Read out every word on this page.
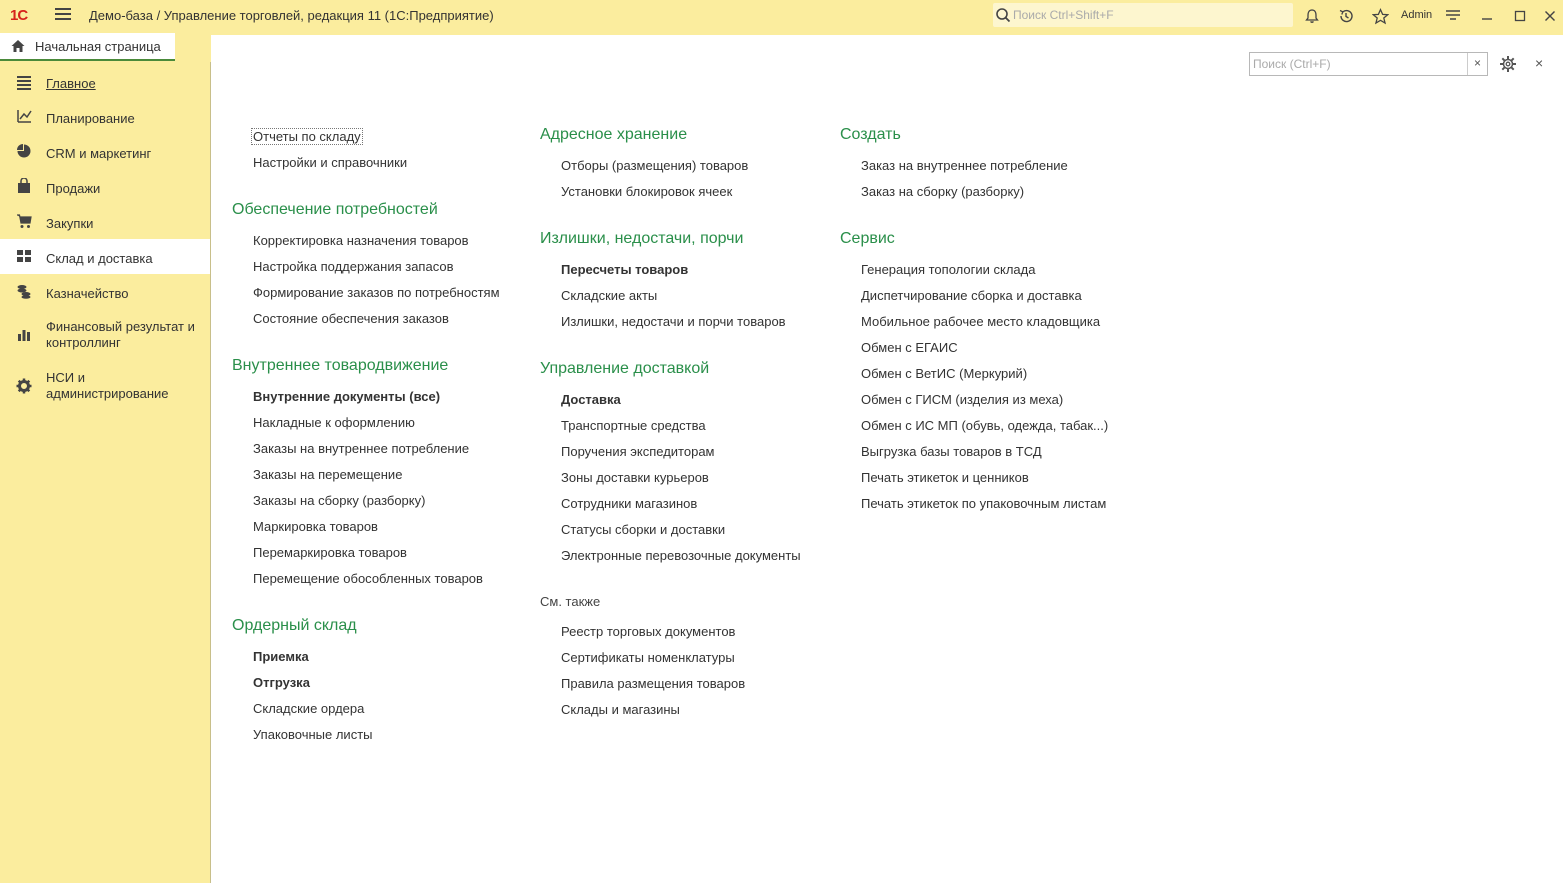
1С	Демо-база / Управление торговлей, редакция 11 (1С:Предприятие)
Поиск Ctrl+Shift+F	Admin
Начальная страница
Главное
Планирование
CRM и маркетинг
Продажи
Закупки
Склад и доставка
Казначейство
Финансовый результат и контроллинг
НСИ и администрирование
Поиск (Ctrl+F)
×	×
Отчеты по складу
Настройки и справочники
Обеспечение потребностей
Корректировка назначения товаров
Настройка поддержания запасов
Формирование заказов по потребностям
Состояние обеспечения заказов
Внутреннее товародвижение
Внутренние документы (все)
Накладные к оформлению
Заказы на внутреннее потребление
Заказы на перемещение
Заказы на сборку (разборку)
Маркировка товаров
Перемаркировка товаров
Перемещение обособленных товаров
Ордерный склад
Приемка
Отгрузка
Складские ордера
Упаковочные листы
Адресное хранение
Отборы (размещения) товаров
Установки блокировок ячеек
Излишки, недостачи, порчи
Пересчеты товаров
Складские акты
Излишки, недостачи и порчи товаров
Управление доставкой
Доставка
Транспортные средства
Поручения экспедиторам
Зоны доставки курьеров
Сотрудники магазинов
Статусы сборки и доставки
Электронные перевозочные документы
См. также
Реестр торговых документов
Сертификаты номенклатуры
Правила размещения товаров
Склады и магазины
Создать
Заказ на внутреннее потребление
Заказ на сборку (разборку)
Сервис
Генерация топологии склада
Диспетчирование сборка и доставка
Мобильное рабочее место кладовщика
Обмен с ЕГАИС
Обмен с ВетИС (Меркурий)
Обмен с ГИСМ (изделия из меха)
Обмен с ИС МП (обувь, одежда, табак...)
Выгрузка базы товаров в ТСД
Печать этикеток и ценников
Печать этикеток по упаковочным листам
